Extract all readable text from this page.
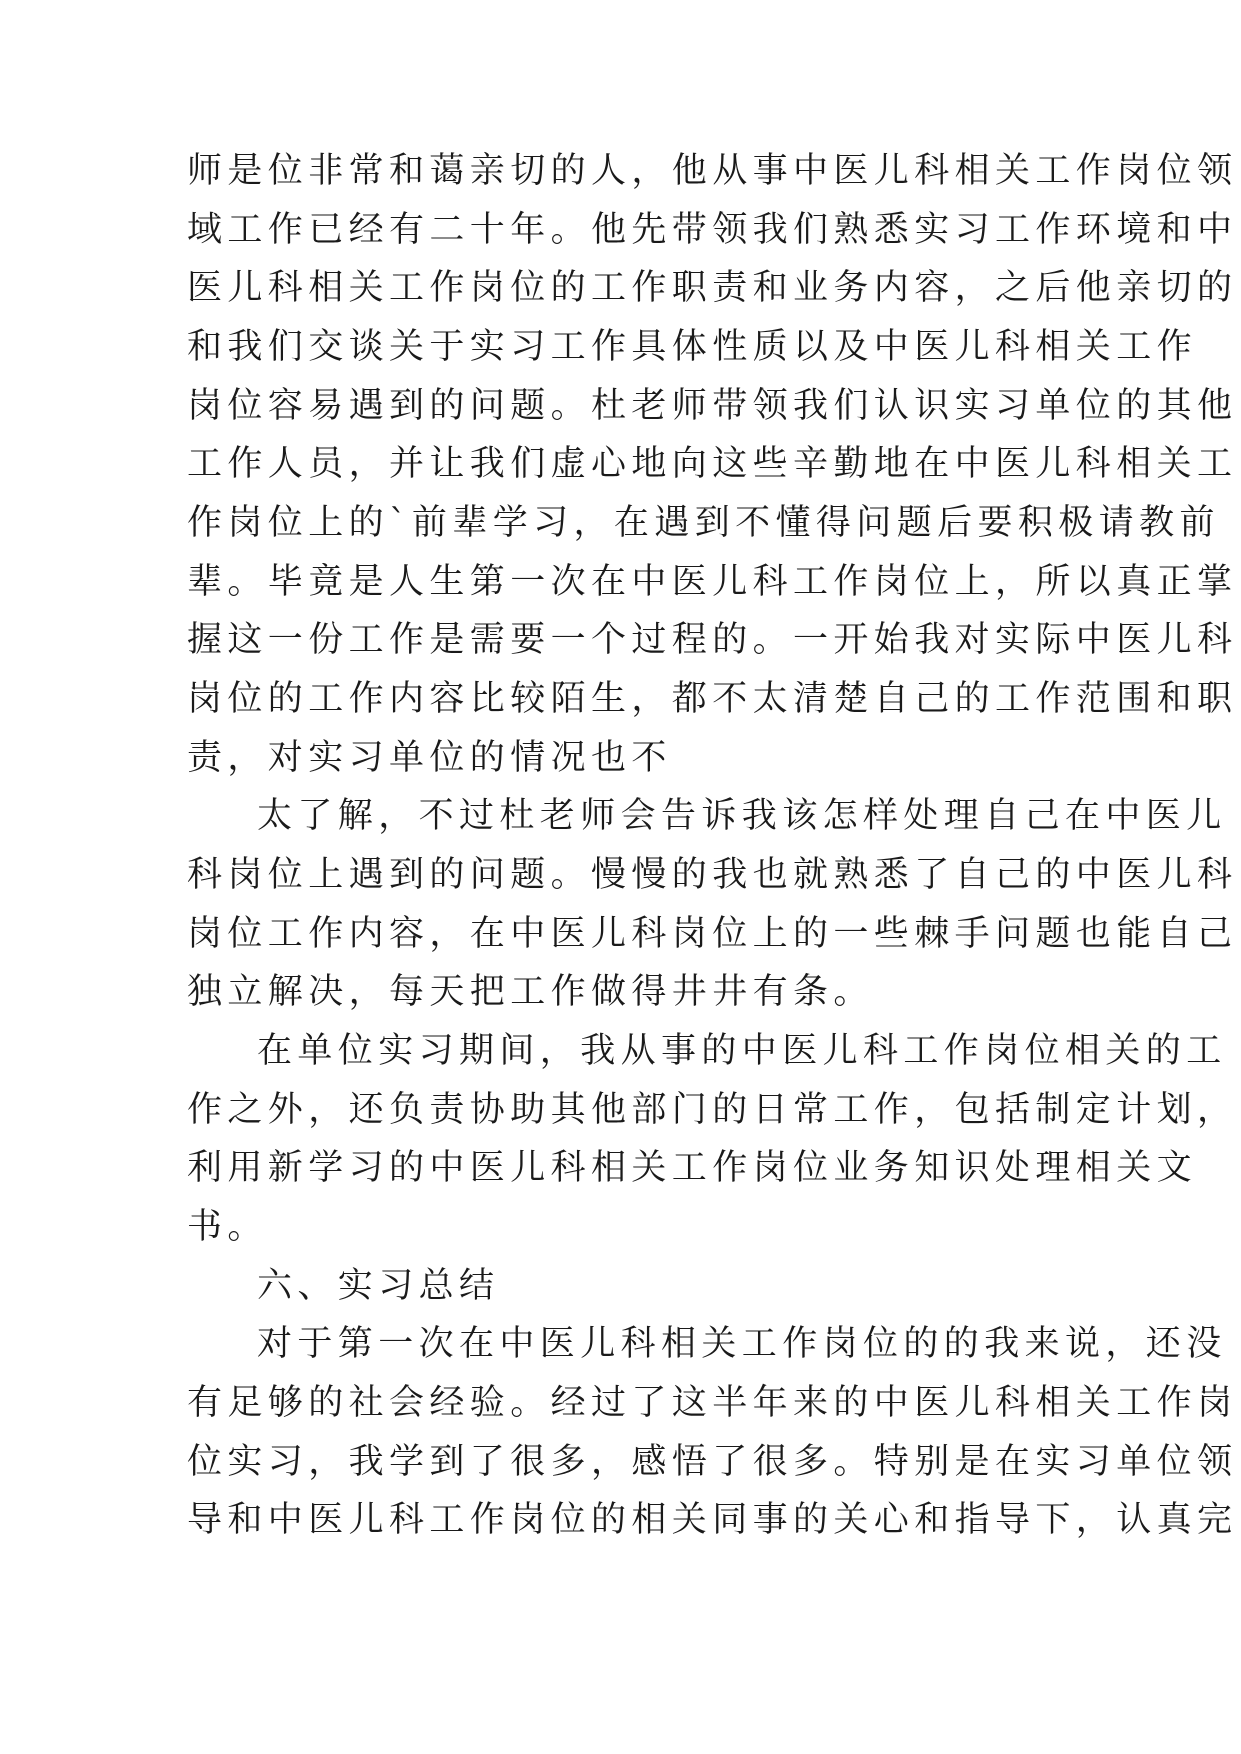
师是位非常和蔼亲切的人，他从事中医儿科相关工作岗位领
域工作已经有二十年。他先带领我们熟悉实习工作环境和中
医儿科相关工作岗位的工作职责和业务内容，之后他亲切的
和我们交谈关于实习工作具体性质以及中医儿科相关工作
岗位容易遇到的问题。杜老师带领我们认识实习单位的其他
工作人员，并让我们虚心地向这些辛勤地在中医儿科相关工
作岗位上的`前辈学习，在遇到不懂得问题后要积极请教前
辈。毕竟是人生第一次在中医儿科工作岗位上，所以真正掌
握这一份工作是需要一个过程的。一开始我对实际中医儿科
岗位的工作内容比较陌生，都不太清楚自己的工作范围和职
责，对实习单位的情况也不
太了解，不过杜老师会告诉我该怎样处理自己在中医儿
科岗位上遇到的问题。慢慢的我也就熟悉了自己的中医儿科
岗位工作内容，在中医儿科岗位上的一些棘手问题也能自己
独立解决，每天把工作做得井井有条。
在单位实习期间，我从事的中医儿科工作岗位相关的工
作之外，还负责协助其他部门的日常工作，包括制定计划，
利用新学习的中医儿科相关工作岗位业务知识处理相关文
书。
六、实习总结
对于第一次在中医儿科相关工作岗位的的我来说，还没
有足够的社会经验。经过了这半年来的中医儿科相关工作岗
位实习，我学到了很多，感悟了很多。特别是在实习单位领
导和中医儿科工作岗位的相关同事的关心和指导下，认真完
